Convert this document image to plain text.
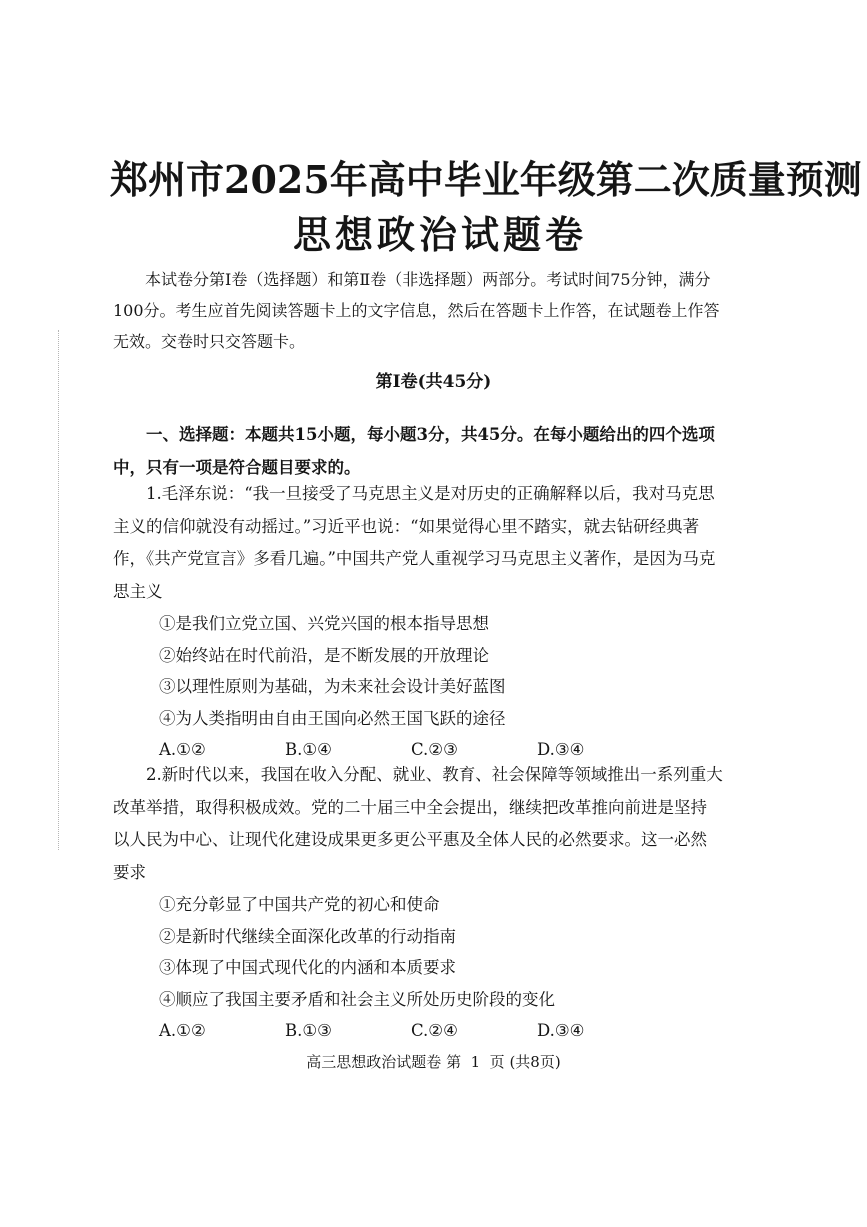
郑州市2025年高中毕业年级第二次质量预测
思想政治试题卷
本试卷分第Ⅰ卷（选择题）和第Ⅱ卷（非选择题）两部分。考试时间75分钟，满分100分。考生应首先阅读答题卡上的文字信息，然后在答题卡上作答，在试题卷上作答无效。交卷时只交答题卡。
第Ⅰ卷(共45分)
一、选择题：本题共15小题，每小题3分，共45分。在每小题给出的四个选项中，只有一项是符合题目要求的。
1.毛泽东说：“我一旦接受了马克思主义是对历史的正确解释以后，我对马克思主义的信仰就没有动摇过。”习近平也说：“如果觉得心里不踏实，就去钻研经典著作，《共产党宣言》多看几遍。”中国共产党人重视学习马克思主义著作，是因为马克思主义
①是我们立党立国、兴党兴国的根本指导思想
②始终站在时代前沿，是不断发展的开放理论
③以理性原则为基础，为未来社会设计美好蓝图
④为人类指明由自由王国向必然王国飞跃的途径
A.①②	B.①④	C.②③	D.③④
2.新时代以来，我国在收入分配、就业、教育、社会保障等领域推出一系列重大改革举措，取得积极成效。党的二十届三中全会提出，继续把改革推向前进是坚持以人民为中心、让现代化建设成果更多更公平惠及全体人民的必然要求。这一必然要求
①充分彰显了中国共产党的初心和使命
②是新时代继续全面深化改革的行动指南
③体现了中国式现代化的内涵和本质要求
④顺应了我国主要矛盾和社会主义所处历史阶段的变化
A.①②	B.①③	C.②④	D.③④
高三思想政治试题卷 第  1  页 (共8页)
